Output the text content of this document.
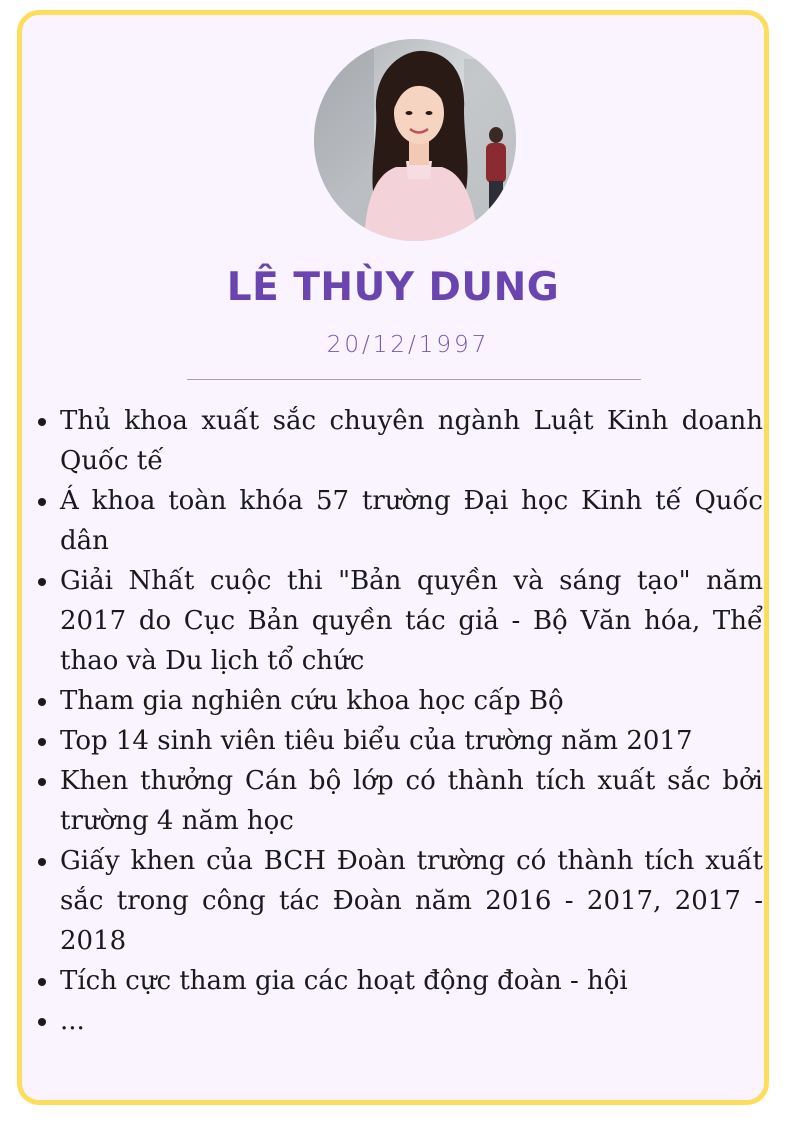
LÊ THÙY DUNG
20/12/1997
Thủ khoa xuất sắc chuyên ngành Luật Kinh doanh Quốc tế
Á khoa toàn khóa 57 trường Đại học Kinh tế Quốc dân
Giải Nhất cuộc thi "Bản quyền và sáng tạo" năm 2017 do Cục Bản quyền tác giả - Bộ Văn hóa, Thể thao và Du lịch tổ chức
Tham gia nghiên cứu khoa học cấp Bộ
Top 14 sinh viên tiêu biểu của trường năm 2017
Khen thưởng Cán bộ lớp có thành tích xuất sắc bởi trường 4 năm học
Giấy khen của BCH Đoàn trường có thành tích xuất sắc trong công tác Đoàn năm 2016 - 2017, 2017 - 2018
Tích cực tham gia các hoạt động đoàn - hội
...
